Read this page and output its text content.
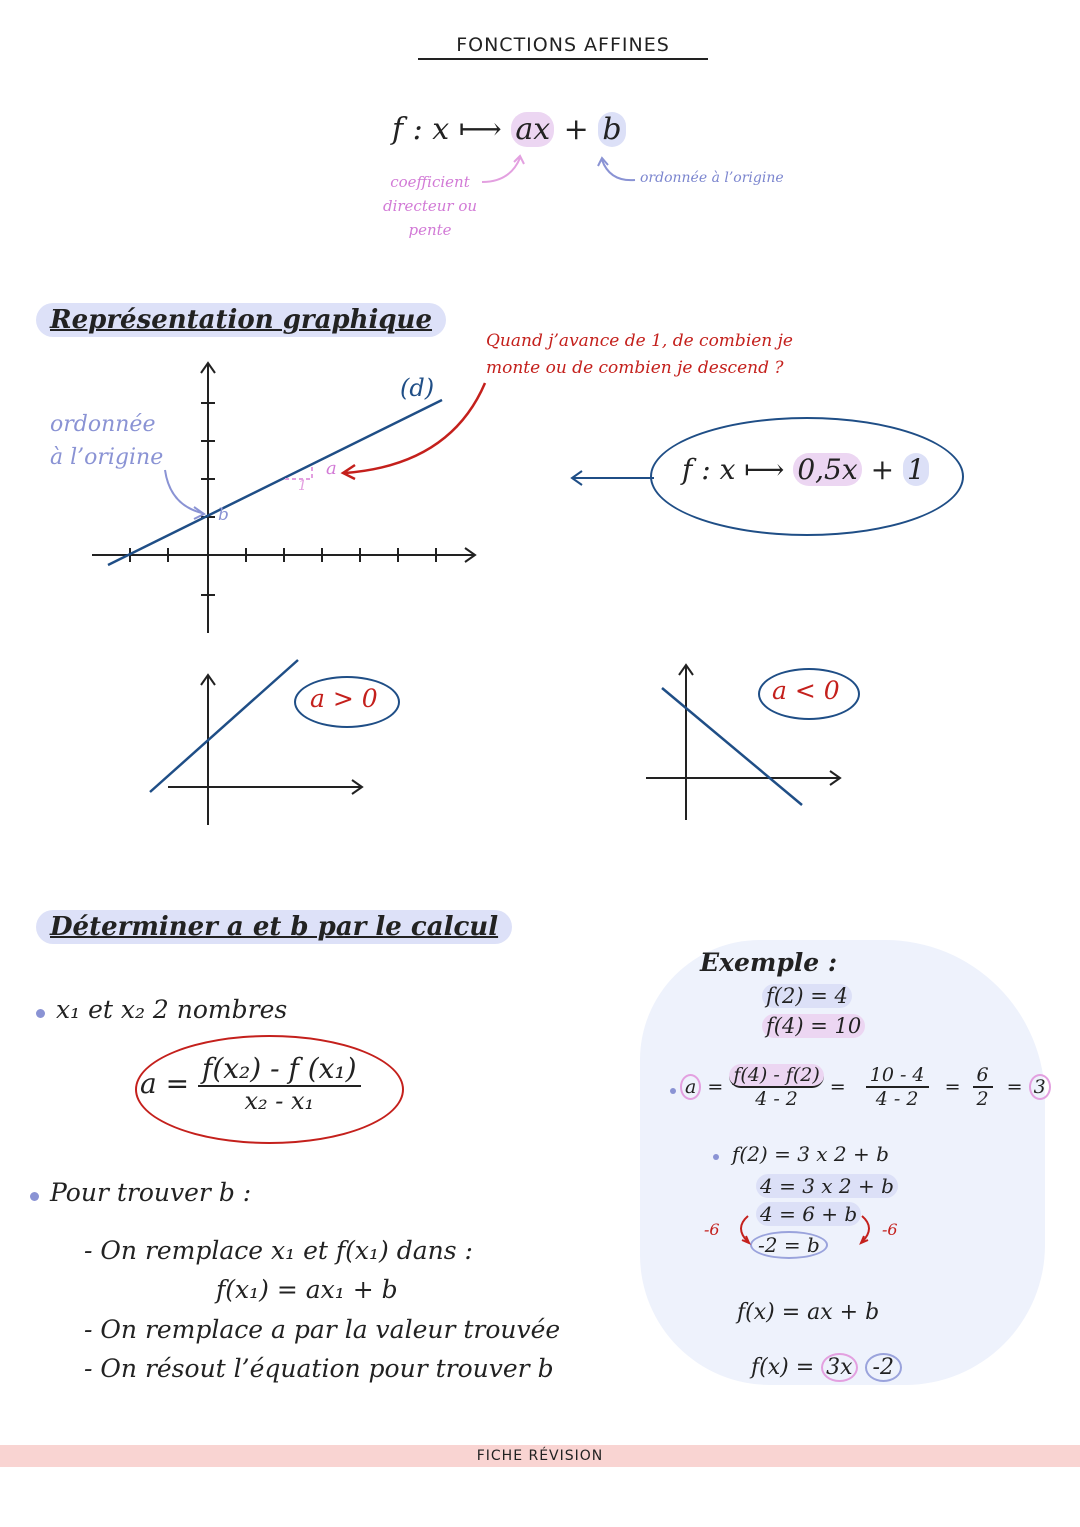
FONCTIONS AFFINES
f : x ⟼ ax + b
coefficient
directeur ou
pente
ordonnée à l’origine
Représentation graphique
(d)
ordonnée
à l’origine
b
a
1
Quand j’avance de 1, de combien je
monte ou de combien je descend ?
f : x ⟼ 0,5x + 1
a > 0	a < 0
Déterminer a et b par le calcul
x₁ et x₂ 2 nombres
$a = \frac{\text{f(x₂) - f (x₁)}}{\text{x₂ - x₁}}$
Pour trouver b :
- On remplace x₁ et f(x₁) dans :
f(x₁) = ax₁ + b
- On remplace a par la valeur trouvée
- On résout l’équation pour trouver b
Exemple :
f(2) = 4
f(4) = 10
$a = \frac{f(4) - f(2)}{4 - 2} = \frac{10 - 4}{4 - 2} = \frac{6}{2} = 3$
f(2) = 3 x 2 + b
4 = 3 x 2 + b
4 = 6 + b
-2 = b
-6	-6
f(x) = ax + b

f(x) = 3x -2

FICHE RÉVISION
